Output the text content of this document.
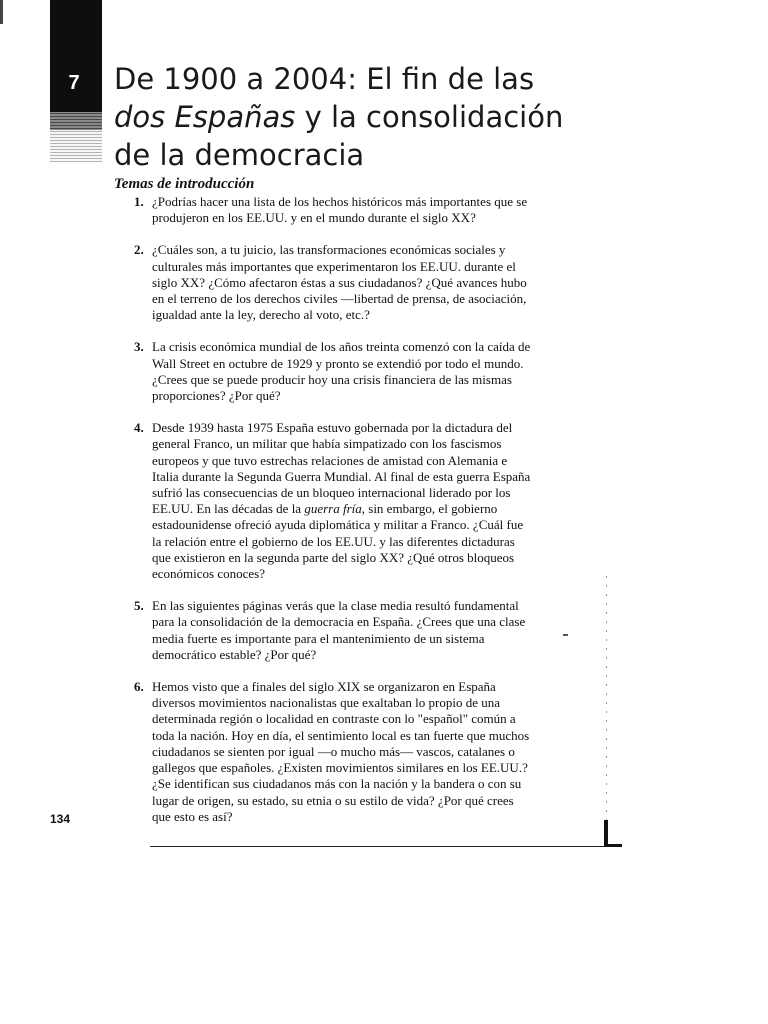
7 De 1900 a 2004: El fin de las dos Españas y la consolidación de la democracia
Temas de introducción
1. ¿Podrías hacer una lista de los hechos históricos más importantes que se produjeron en los EE.UU. y en el mundo durante el siglo XX?
2. ¿Cuáles son, a tu juicio, las transformaciones económicas sociales y culturales más importantes que experimentaron los EE.UU. durante el siglo XX? ¿Cómo afectaron éstas a sus ciudadanos? ¿Qué avances hubo en el terreno de los derechos civiles —libertad de prensa, de asociación, igualdad ante la ley, derecho al voto, etc.?
3. La crisis económica mundial de los años treinta comenzó con la caída de Wall Street en octubre de 1929 y pronto se extendió por todo el mundo. ¿Crees que se puede producir hoy una crisis financiera de las mismas proporciones? ¿Por qué?
4. Desde 1939 hasta 1975 España estuvo gobernada por la dictadura del general Franco, un militar que había simpatizado con los fascismos europeos y que tuvo estrechas relaciones de amistad con Alemania e Italia durante la Segunda Guerra Mundial. Al final de esta guerra España sufrió las consecuencias de un bloqueo internacional liderado por los EE.UU. En las décadas de la guerra fría, sin embargo, el gobierno estadounidense ofreció ayuda diplomática y militar a Franco. ¿Cuál fue la relación entre el gobierno de los EE.UU. y las diferentes dictaduras que existieron en la segunda parte del siglo XX? ¿Qué otros bloqueos económicos conoces?
5. En las siguientes páginas verás que la clase media resultó fundamental para la consolidación de la democracia en España. ¿Crees que una clase media fuerte es importante para el mantenimiento de un sistema democrático estable? ¿Por qué?
6. Hemos visto que a finales del siglo XIX se organizaron en España diversos movimientos nacionalistas que exaltaban lo propio de una determinada región o localidad en contraste con lo "español" común a toda la nación. Hoy en día, el sentimiento local es tan fuerte que muchos ciudadanos se sienten por igual —o mucho más— vascos, catalanes o gallegos que españoles. ¿Existen movimientos similares en los EE.UU.? ¿Se identifican sus ciudadanos más con la nación y la bandera o con su lugar de origen, su estado, su etnia o su estilo de vida? ¿Por qué crees que esto es así?
134
